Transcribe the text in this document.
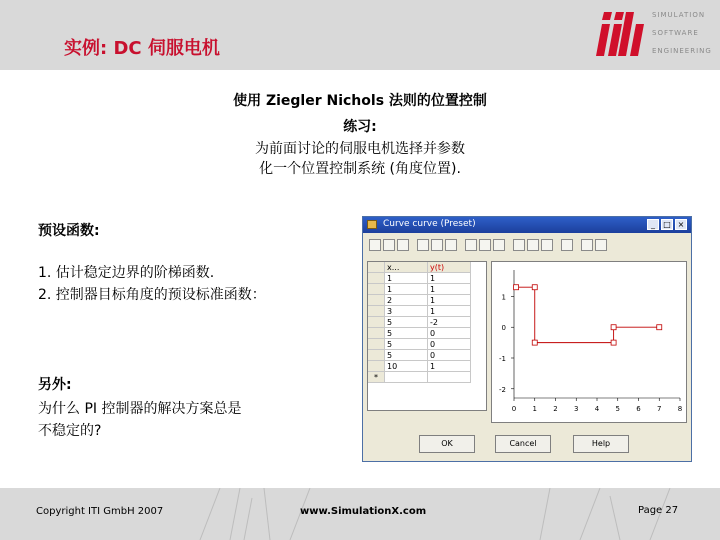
实例: DC 伺服电机
SIMULATION
SOFTWARE
ENGINEERING
使用 Ziegler Nichols 法则的位置控制
练习:
为前面讨论的伺服电机选择并参数
化一个位置控制系统 (角度位置).
预设函数:
1. 估计稳定边界的阶梯函数.
2. 控制器目标角度的预设标准函数：
另外:
为什么 PI 控制器的解决方案总是
不稳定的?
Curve curve (Preset)	_	□ ×
	x...	y(t)
	1	1
	1	1
	2	1
	3	1
	5	-2
	5	0
	5	0
	5	0
	10	1
*		
1
0
-1
-2
0 1 2 3 4 5 6 7 8
OK	Cancel	Help
Copyright ITI GmbH 2007	www.SimulationX.com	Page 27
